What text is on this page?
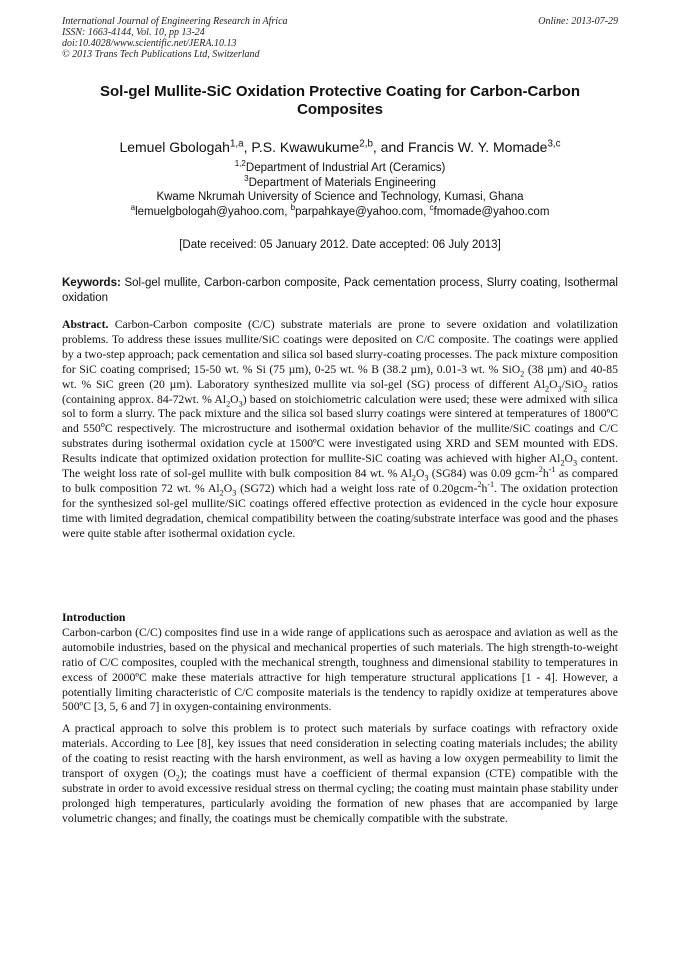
International Journal of Engineering Research in Africa
ISSN: 1663-4144, Vol. 10, pp 13-24
doi:10.4028/www.scientific.net/JERA.10.13
© 2013 Trans Tech Publications Ltd, Switzerland
Online: 2013-07-29
Sol-gel Mullite-SiC Oxidation Protective Coating for Carbon-Carbon Composites
Lemuel Gbologah$^{1,a}$, P.S. Kwawukume$^{2,b}$, and Francis W. Y. Momade$^{3,c}$
$^{1,2}$Department of Industrial Art (Ceramics)
$^3$Department of Materials Engineering
Kwame Nkrumah University of Science and Technology, Kumasi, Ghana
$^a$lemuelgbologah@yahoo.com, $^b$parpahkaye@yahoo.com, $^c$fmomade@yahoo.com
[Date received: 05 January 2012. Date accepted: 06 July 2013]
Keywords: Sol-gel mullite, Carbon-carbon composite, Pack cementation process, Slurry coating, Isothermal oxidation
Abstract. Carbon-Carbon composite (C/C) substrate materials are prone to severe oxidation and volatilization problems. To address these issues mullite/SiC coatings were deposited on C/C composite. The coatings were applied by a two-step approach; pack cementation and silica sol based slurry-coating processes. The pack mixture composition for SiC coating comprised; 15-50 wt. % Si (75 µm), 0-25 wt. % B (38.2 µm), 0.01-3 wt. % SiO$_2$ (38 µm) and 40-85 wt. % SiC green (20 µm). Laboratory synthesized mullite via sol-gel (SG) process of different $Al_2O_3/SiO_2$ ratios (containing approx. 84-72wt. % $Al_2O_3$) based on stoichiometric calculation were used; these were admixed with silica sol to form a slurry. The pack mixture and the silica sol based slurry coatings were sintered at temperatures of 1800ºC and 550$^o$C respectively. The microstructure and isothermal oxidation behavior of the mullite/SiC coatings and C/C substrates during isothermal oxidation cycle at 1500ºC were investigated using XRD and SEM mounted with EDS. Results indicate that optimized oxidation protection for mullite-SiC coating was achieved with higher $Al_2O_3$ content. The weight loss rate of sol-gel mullite with bulk composition 84 wt. % $Al_2O_3$ (SG84) was 0.09 gcm-$^2h^{-1}$ as compared to bulk composition 72 wt. % $Al_2O_3$ (SG72) which had a weight loss rate of $0.20gcm-^2h^{-1}$. The oxidation protection for the synthesized sol-gel mullite/SiC coatings offered effective protection as evidenced in the cycle hour exposure time with limited degradation, chemical compatibility between the coating/substrate interface was good and the phases were quite stable after isothermal oxidation cycle.
Introduction

Carbon-carbon (C/C) composites find use in a wide range of applications such as aerospace and aviation as well as the automobile industries, based on the physical and mechanical properties of such materials. The high strength-to-weight ratio of C/C composites, coupled with the mechanical strength, toughness and dimensional stability to temperatures in excess of 2000ºC make these materials attractive for high temperature structural applications [1 - 4]. However, a potentially limiting characteristic of C/C composite materials is the tendency to rapidly oxidize at temperatures above 500ºC [3, 5, 6 and 7] in oxygen-containing environments.

A practical approach to solve this problem is to protect such materials by surface coatings with refractory oxide materials. According to Lee [8], key issues that need consideration in selecting coating materials includes; the ability of the coating to resist reacting with the harsh environment, as well as having a low oxygen permeability to limit the transport of oxygen $(O_2)$; the coatings must have a coefficient of thermal expansion (CTE) compatible with the substrate in order to avoid excessive residual stress on thermal cycling; the coating must maintain phase stability under prolonged high temperatures, particularly avoiding the formation of new phases that are accompanied by large volumetric changes; and finally, the coatings must be chemically compatible with the substrate.
